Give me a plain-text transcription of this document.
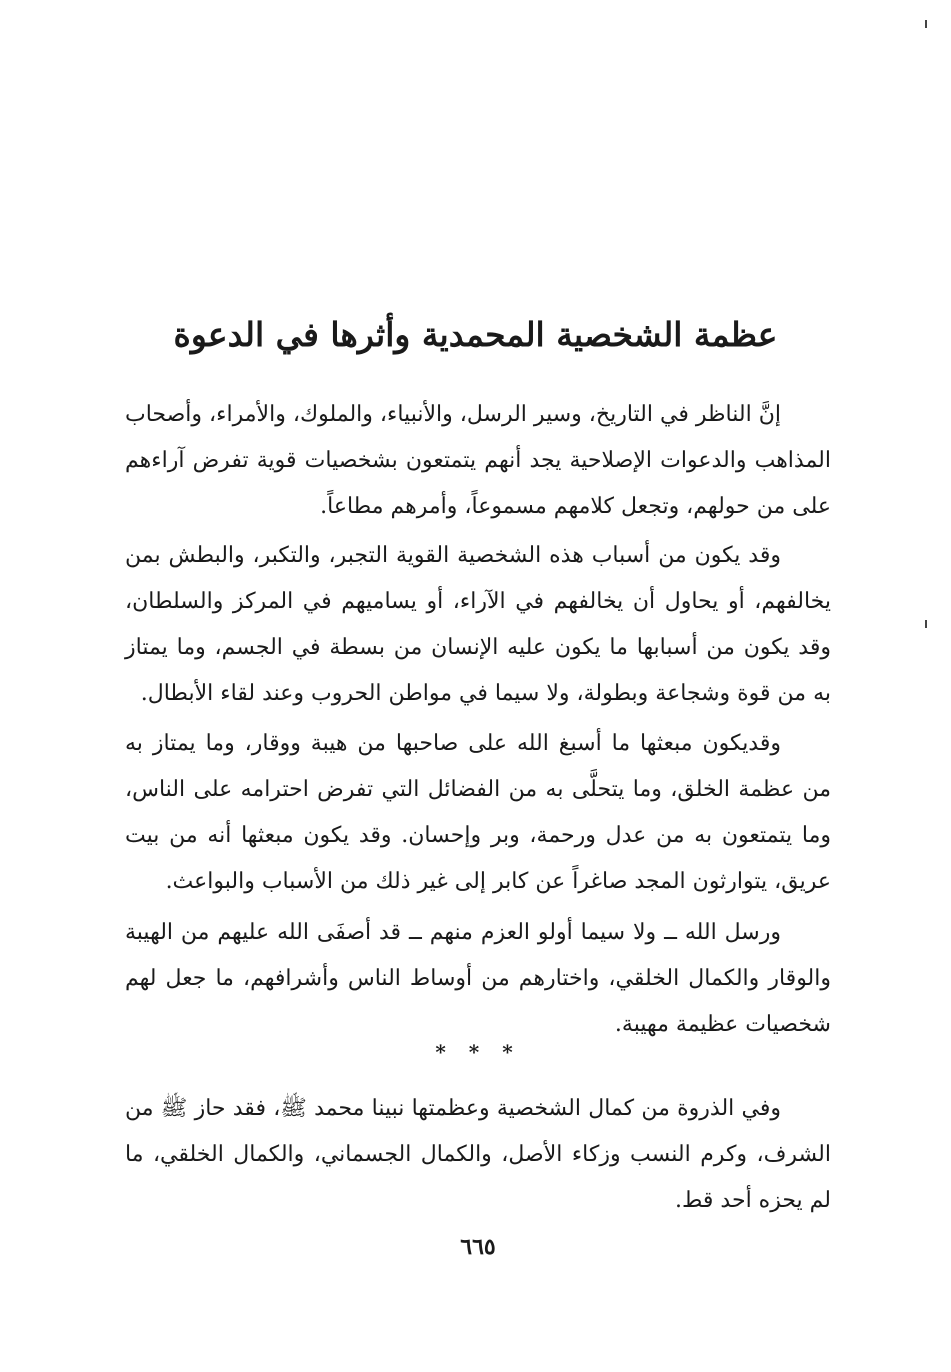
عظمة الشخصية المحمدية وأثرها في الدعوة

إنَّ الناظر في التاريخ، وسير الرسل، والأنبياء، والملوك، والأمراء، وأصحاب المذاهب والدعوات الإصلاحية يجد أنهم يتمتعون بشخصيات قوية تفرض آراءهم على من حولهم، وتجعل كلامهم مسموعاً، وأمرهم مطاعاً.

وقد يكون من أسباب هذه الشخصية القوية التجبر، والتكبر، والبطش بمن يخالفهم، أو يحاول أن يخالفهم في الآراء، أو يساميهم في المركز والسلطان، وقد يكون من أسبابها ما يكون عليه الإنسان من بسطة في الجسم، وما يمتاز به من قوة وشجاعة وبطولة، ولا سيما في مواطن الحروب وعند لقاء الأبطال.

وقديكون مبعثها ما أسبغ الله على صاحبها من هيبة ووقار، وما يمتاز به من عظمة الخلق، وما يتحلَّى به من الفضائل التي تفرض احترامه على الناس، وما يتمتعون به من عدل ورحمة، وبر وإحسان. وقد يكون مبعثها أنه من بيت عريق، يتوارثون المجد صاغراً عن كابر إلى غير ذلك من الأسباب والبواعث.

ورسل الله ــ ولا سيما أولو العزم منهم ــ قد أصفَى الله عليهم من الهيبة والوقار والكمال الخلقي، واختارهم من أوساط الناس وأشرافهم، ما جعل لهم شخصيات عظيمة مهيبة.

* * *

وفي الذروة من كمال الشخصية وعظمتها نبينا محمد ﷺ، فقد حاز ﷺ من الشرف، وكرم النسب وزكاء الأصل، والكمال الجسماني، والكمال الخلقي، ما لم يحزه أحد قط.

٦٦٥
